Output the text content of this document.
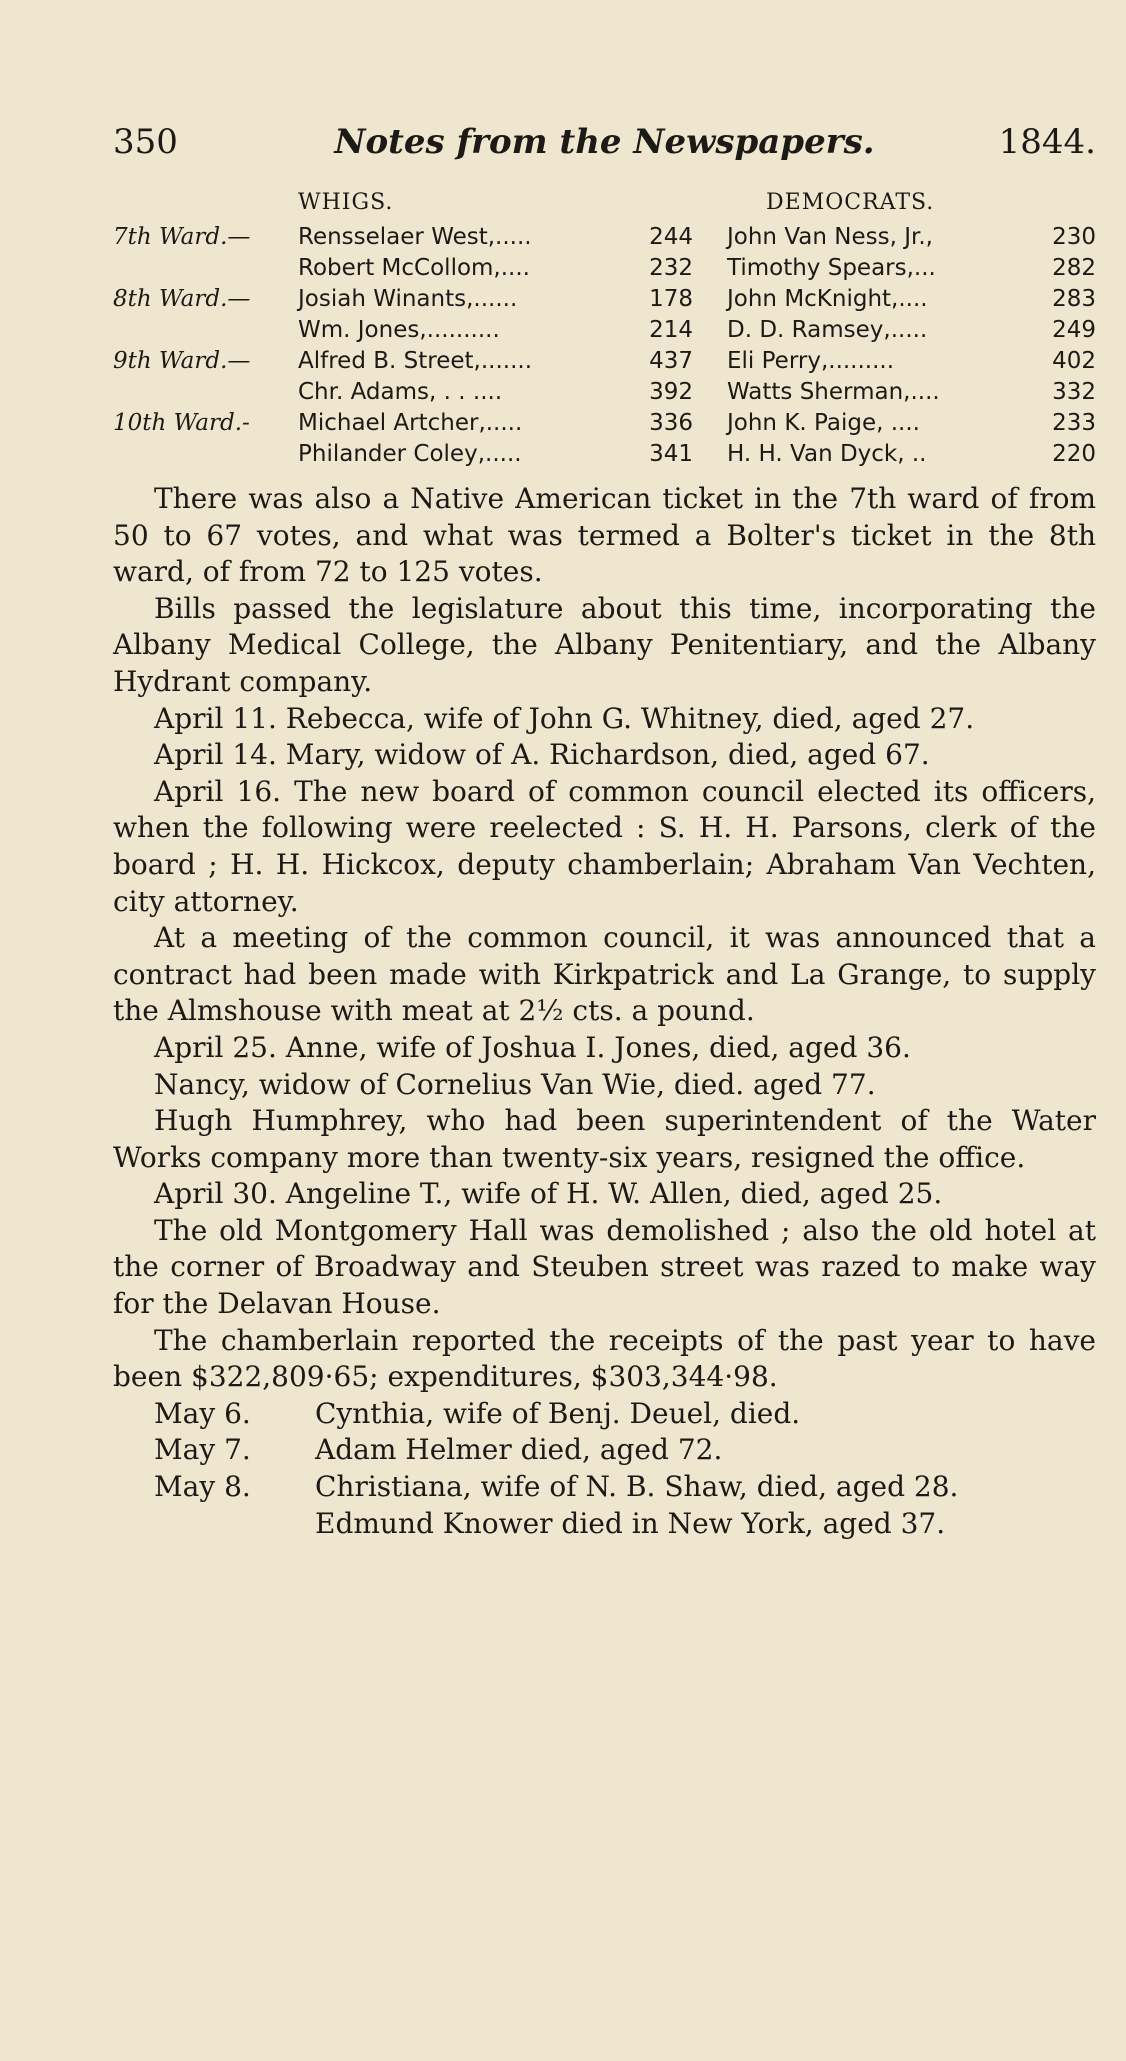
350	Notes from the Newspapers.	1844.
WHIGS.	DEMOCRATS.
7th Ward.— Rensselaer West,.....	244 John Van Ness, Jr.,	230
Robert McCollom,....	232 Timothy Spears,...	282
8th Ward.— Josiah Winants,......	178 John McKnight,....	283
Wm. Jones,..........	214 D. D. Ramsey,.....	249
9th Ward.— Alfred B. Street,.......	437 Eli Perry,.........	402
Chr. Adams, . . ....	392 Watts Sherman,....	332
10th Ward.- Michael Artcher,.....	336 John K. Paige, ....	233
Philander Coley,.....	341 H. H. Van Dyck, ..	220

There was also a Native American ticket in the 7th ward of from 50 to 67 votes, and what was termed a Bolter's ticket in the 8th ward, of from 72 to 125 votes.

Bills passed the legislature about this time, incorporating the Albany Medical College, the Albany Penitentiary, and the Albany Hydrant company.

April 11. Rebecca, wife of John G. Whitney, died, aged 27.

April 14. Mary, widow of A. Richardson, died, aged 67.

April 16. The new board of common council elected its officers, when the following were reelected : S. H. H. Parsons, clerk of the board ; H. H. Hickcox, deputy chamberlain; Abraham Van Vechten, city attorney.

At a meeting of the common council, it was announced that a contract had been made with Kirkpatrick and La Grange, to supply the Almshouse with meat at 2½ cts. a pound.

April 25. Anne, wife of Joshua I. Jones, died, aged 36.

Nancy, widow of Cornelius Van Wie, died. aged 77.

Hugh Humphrey, who had been superintendent of the Water Works company more than twenty-six years, resigned the office.

April 30. Angeline T., wife of H. W. Allen, died, aged 25.

The old Montgomery Hall was demolished ; also the old hotel at the corner of Broadway and Steuben street was razed to make way for the Delavan House.

The chamberlain reported the receipts of the past year to have been $322,809·65; expenditures, $303,344·98.

May 6. Cynthia, wife of Benj. Deuel, died.
May 7. Adam Helmer died, aged 72.
May 8. Christiana, wife of N. B. Shaw, died, aged 28.
Edmund Knower died in New York, aged 37.
